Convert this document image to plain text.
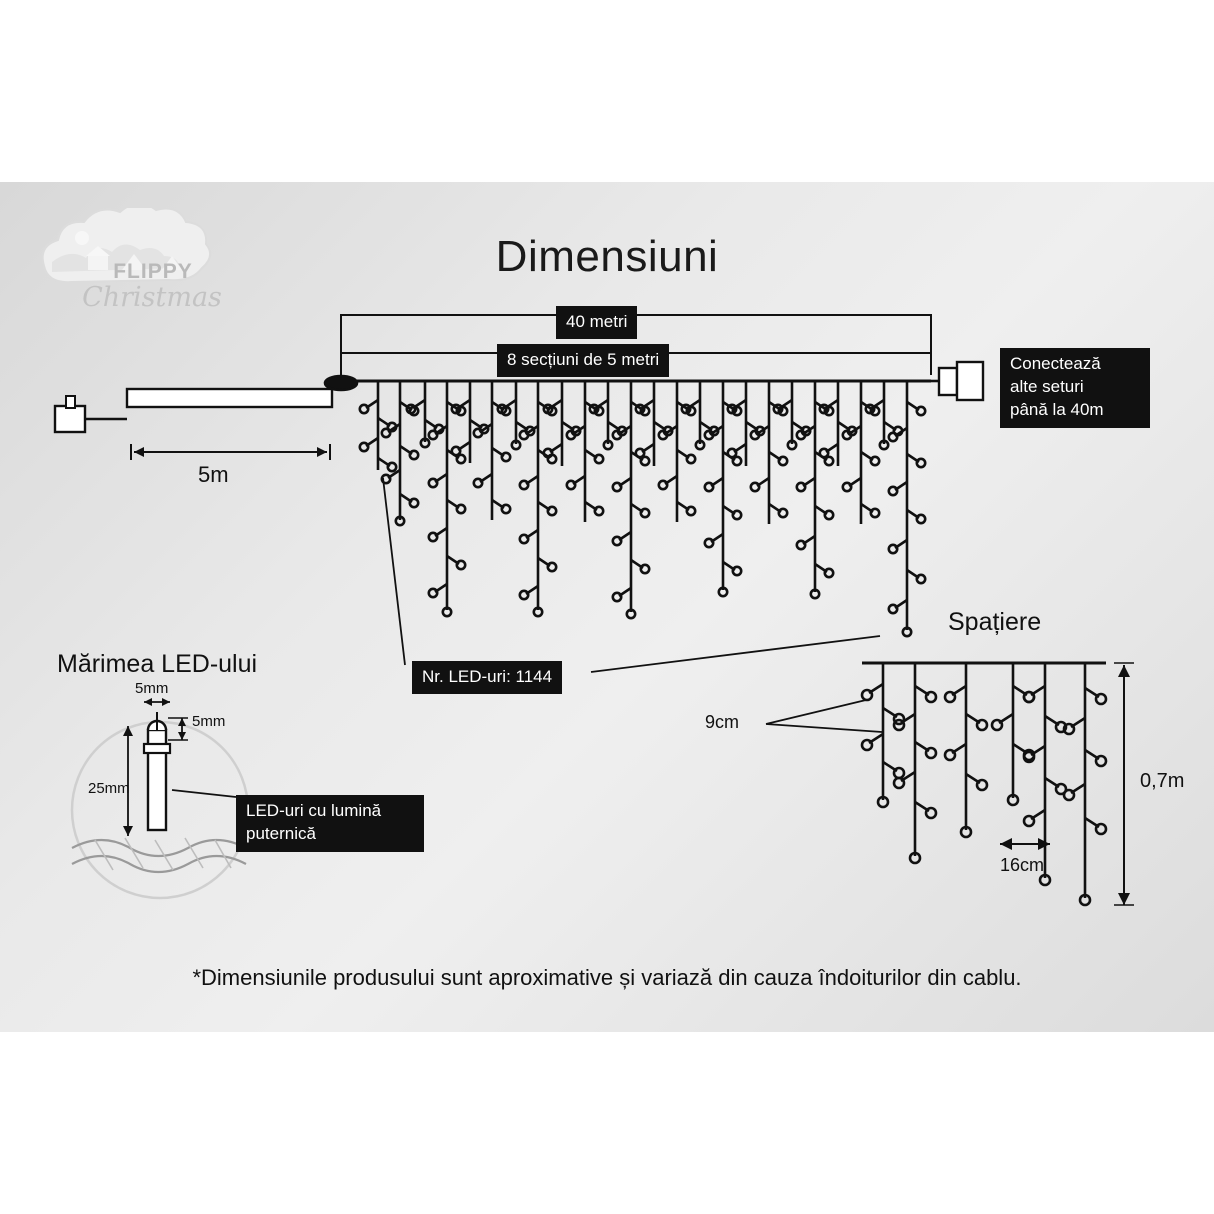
FLIPPY
Christmas
Dimensiuni
40 metri
8 secțiuni de 5 metri	Conectează
alte seturi
până la 40m
Nr. LED-uri: 1144
LED-uri cu lumină
puternică
5m
Mărimea LED-ului
5mm
5mm
25mm
Spațiere
9cm
16cm
0,7m
*Dimensiunile produsului sunt aproximative și variază din cauza îndoiturilor din cablu.
